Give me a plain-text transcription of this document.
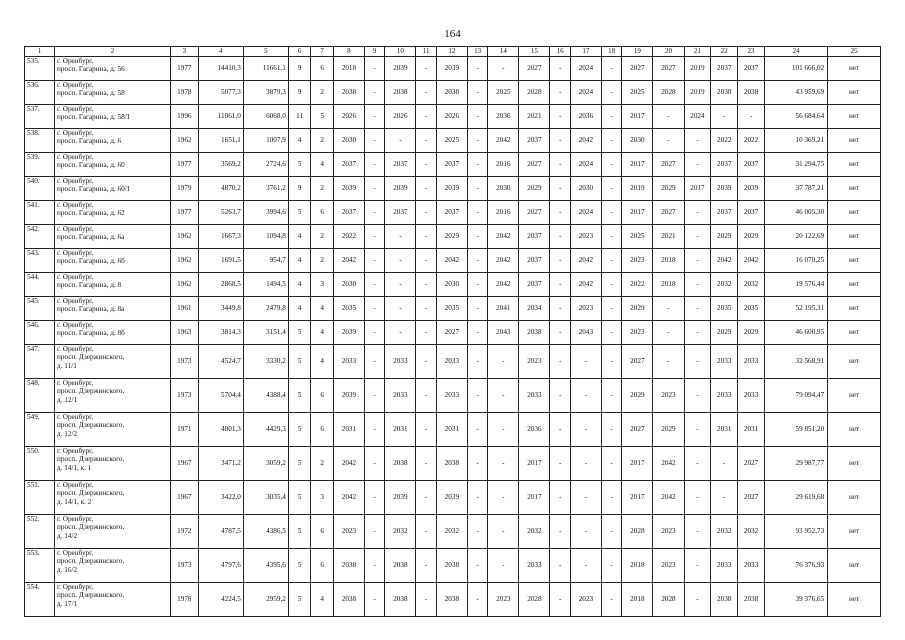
164
1	2	3	4	5	6	7	8	9	10	11	12	13	14	15	16	17	18	19	20	21	22	23	24	25
535.	г. Оренбург,
просп. Гагарина, д. 56	1977	14410,3	11661,1	9	6	2018	-	2039	-	2039	-	-	2027	-	2024	-	2027	2027	2019	2037	2037	101 666,02	нет
536.	г. Оренбург,
просп. Гагарина, д. 58	1978	5077,3	3879,3	9	2	2038	-	2038	-	2038	-	2025	2028	-	2024	-	2025	2028	2019	2038	2038	43 959,69	нет
537.	г. Оренбург,
просп. Гагарина, д. 58/1	1996	11061,0	6068,0	11	5	2026	-	2026	-	2026	-	2036	2021	-	2036	-	2017	-	2024	-	-	56 684,64	нет
538.	г. Оренбург,
просп. Гагарина, д. 6	1962	1651,1	1007,9	4	2	2030	-	-	-	2025	-	2042	2037	-	2042	-	2030	-	-	2022	2022	10 369,21	нет
539.	г. Оренбург,
просп. Гагарина, д. 60	1977	3569,2	2724,6	5	4	2037	-	2037	-	2037	-	2016	2027	-	2024	-	2017	2027	-	2037	2037	31 294,75	нет
540.	г. Оренбург,
просп. Гагарина, д. 60/1	1979	4870,2	3761,2	9	2	2039	-	2039	-	2039	-	2030	2029	-	2030	-	2019	2029	2017	2039	2039	37 787,21	нет
541.	г. Оренбург,
просп. Гагарина, д. 62	1977	5263,7	3994,6	5	6	2037	-	2037	-	2037	-	2016	2027	-	2024	-	2017	2027	-	2037	2037	46 005,30	нет
542.	г. Оренбург,
просп. Гагарина, д. 6а	1962	1667,3	1094,8	4	2	2022	-	-	-	2029	-	2042	2037	-	2023	-	2025	2021	-	2029	2029	20 122,69	нет
543.	г. Оренбург,
просп. Гагарина, д. 6б	1962	1691,5	954,7	4	2	2042	-	-	-	2042	-	2042	2037	-	2042	-	2023	2018	-	2042	2042	16 070,25	нет
544.	г. Оренбург,
просп. Гагарина, д. 8	1962	2868,5	1494,5	4	3	2030	-	-	-	2030	-	2042	2037	-	2042	-	2022	2018	-	2032	2032	19 576,44	нет
545.	г. Оренбург,
просп. Гагарина, д. 8а	1961	3449,8	2479,8	4	4	2035	-	-	-	2035	-	2041	2034	-	2023	-	2029	-	-	2035	2035	52 195,31	нет
546.	г. Оренбург,
просп. Гагарина, д. 8б	1963	3814,3	3151,4	5	4	2039	-	-	-	2027	-	2043	2038	-	2043	-	2023	-	-	2029	2029	46 600,95	нет
547.	г. Оренбург,
просп. Дзержинского,
д. 11/1	1973	4524,7	3330,2	5	4	2033	-	2033	-	2033	-	-	2023	-	-	-	2027	-	-	2033	2033	32 568,91	нет
548.	г. Оренбург,
просп. Дзержинского,
д. 12/1	1973	5704,4	4388,4	5	6	2039	-	2033	-	2033	-	-	2033	-	-	-	2029	2023	-	2033	2033	79 094,47	нет
549.	г. Оренбург,
просп. Дзержинского,
д. 12/2	1971	4801,3	4429,3	5	6	2031	-	2031	-	2031	-	-	2036	-	-	-	2027	2029	-	2031	2031	59 851,20	нет
550.	г. Оренбург,
просп. Дзержинского,
д. 14/1, к. 1	1967	3471,2	3059,2	5	2	2042	-	2038	-	2038	-	-	2017	-	-	-	2017	2042	-	-	2027	29 987,77	нет
551.	г. Оренбург,
просп. Дзержинского,
д. 14/1, к. 2	1967	3422,0	3035,4	5	3	2042	-	2039	-	2039	-	-	2017	-	-	-	2017	2042	-	-	2027	29 619,68	нет
552.	г. Оренбург,
просп. Дзержинского,
д. 14/2	1972	4787,5	4386,5	5	6	2023	-	2032	-	2032	-	-	2032	-	-	-	2028	2023	-	2032	2032	93 952,73	нет
553.	г. Оренбург,
просп. Дзержинского,
д. 16/2	1973	4797,6	4395,6	5	6	2038	-	2038	-	2038	-	-	2033	-	-	-	2018	2023	-	2033	2033	76 376,93	нет
554.	г. Оренбург,
просп. Дзержинского,
д. 17/1	1978	4224,5	2959,2	5	4	2038	-	2038	-	2038	-	2023	2028	-	2023	-	2018	2028	-	2038	2038	39 376,65	нет
